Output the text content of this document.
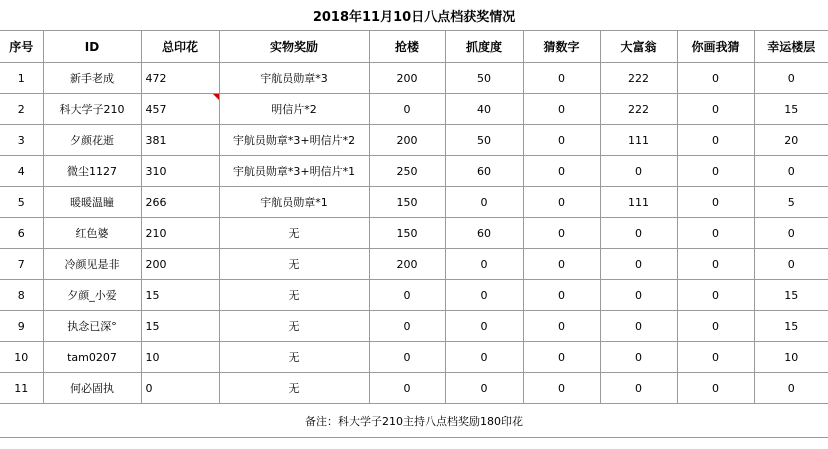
2018年11月10日八点档获奖情况									
序号	ID	总印花	实物奖励	抢楼	抓度度	猜数字	大富翁	你画我猜	幸运楼层
1	新手老成	472	宇航员勋章*3	200	50	0	222	0	0
2	科大学子210	457	明信片*2	0	40	0	222	0	15
3	夕颜花逝	381	宇航员勋章*3+明信片*2	200	50	0	111	0	20
4	微尘1127	310	宇航员勋章*3+明信片*1	250	60	0	0	0	0
5	暖暖温瞳	266	宇航员勋章*1	150	0	0	111	0	5
6	红色婆	210	无	150	60	0	0	0	0
7	冷颜见是非	200	无	200	0	0	0	0	0
8	夕颜_小爱	15	无	0	0	0	0	0	15
9	执念已深°	15	无	0	0	0	0	0	15
10	tam0207	10	无	0	0	0	0	0	10
11	何必固执	0	无	0	0	0	0	0	0
备注：科大学子210主持八点档奖励180印花									
